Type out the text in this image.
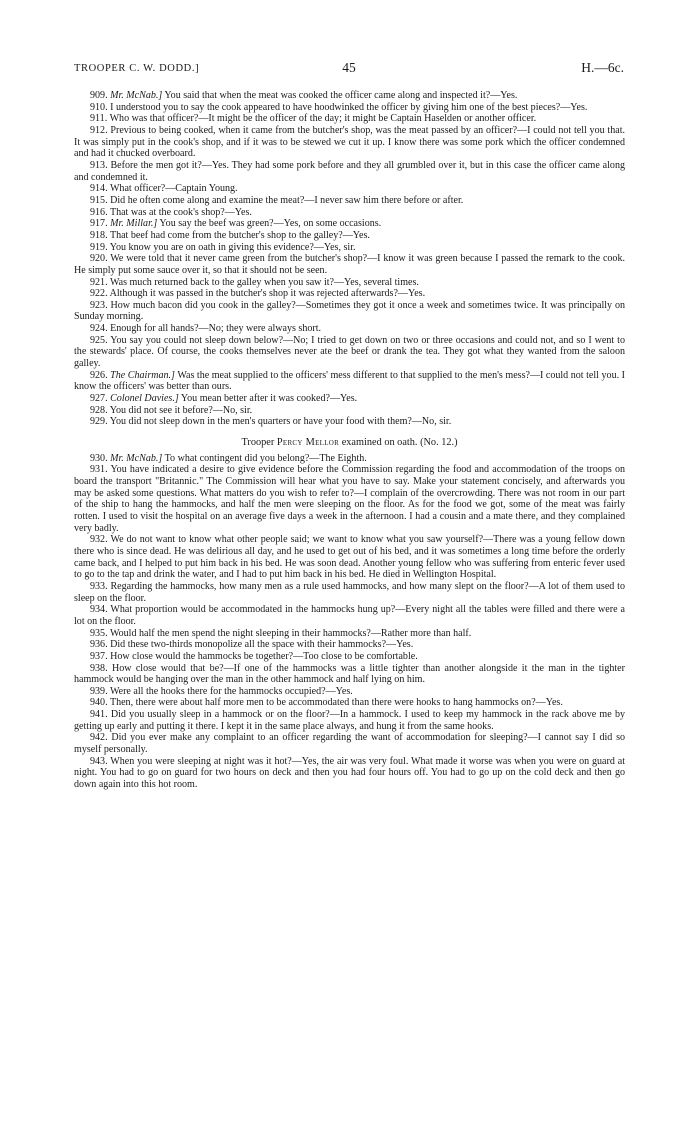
TROOPER C. W. DODD.]	45	H.—6c.

909. Mr. McNab.] You said that when the meat was cooked the officer came along and inspected it?—Yes.

910. I understood you to say the cook appeared to have hoodwinked the officer by giving him one of the best pieces?—Yes.

911. Who was that officer?—It might be the officer of the day; it might be Captain Haselden or another officer.

912. Previous to being cooked, when it came from the butcher's shop, was the meat passed by an officer?—I could not tell you that. It was simply put in the cook's shop, and if it was to be stewed we cut it up. I know there was some pork which the officer condemned and had it chucked overboard.

913. Before the men got it?—Yes. They had some pork before and they all grumbled over it, but in this case the officer came along and condemned it.

914. What officer?—Captain Young.

915. Did he often come along and examine the meat?—I never saw him there before or after.

916. That was at the cook's shop?—Yes.

917. Mr. Millar.] You say the beef was green?—Yes, on some occasions.

918. That beef had come from the butcher's shop to the galley?—Yes.

919. You know you are on oath in giving this evidence?—Yes, sir.

920. We were told that it never came green from the butcher's shop?—I know it was green because I passed the remark to the cook. He simply put some sauce over it, so that it should not be seen.

921. Was much returned back to the galley when you saw it?—Yes, several times.

922. Although it was passed in the butcher's shop it was rejected afterwards?—Yes.

923. How much bacon did you cook in the galley?—Sometimes they got it once a week and sometimes twice. It was principally on Sunday morning.

924. Enough for all hands?—No; they were always short.

925. You say you could not sleep down below?—No; I tried to get down on two or three occasions and could not, and so I went to the stewards' place. Of course, the cooks themselves never ate the beef or drank the tea. They got what they wanted from the saloon galley.

926. The Chairman.] Was the meat supplied to the officers' mess different to that supplied to the men's mess?—I could not tell you. I know the officers' was better than ours.

927. Colonel Davies.] You mean better after it was cooked?—Yes.

928. You did not see it before?—No, sir.

929. You did not sleep down in the men's quarters or have your food with them?—No, sir.

Trooper Percy Mellor examined on oath. (No. 12.)

930. Mr. McNab.] To what contingent did you belong?—The Eighth.

931. You have indicated a desire to give evidence before the Commission regarding the food and accommodation of the troops on board the transport "Britannic." The Commission will hear what you have to say. Make your statement concisely, and afterwards you may be asked some questions. What matters do you wish to refer to?—I complain of the overcrowding. There was not room in our part of the ship to hang the hammocks, and half the men were sleeping on the floor. As for the food we got, some of the meat was fairly rotten. I used to visit the hospital on an average five days a week in the afternoon. I had a cousin and a mate there, and they complained very badly.

932. We do not want to know what other people said; we want to know what you saw yourself?—There was a young fellow down there who is since dead. He was delirious all day, and he used to get out of his bed, and it was sometimes a long time before the orderly came back, and I helped to put him back in his bed. He was soon dead. Another young fellow who was suffering from enteric fever used to go to the tap and drink the water, and I had to put him back in his bed. He died in Wellington Hospital.

933. Regarding the hammocks, how many men as a rule used hammocks, and how many slept on the floor?—A lot of them used to sleep on the floor.

934. What proportion would be accommodated in the hammocks hung up?—Every night all the tables were filled and there were a lot on the floor.

935. Would half the men spend the night sleeping in their hammocks?—Rather more than half.

936. Did these two-thirds monopolize all the space with their hammocks?—Yes.

937. How close would the hammocks be together?—Too close to be comfortable.

938. How close would that be?—If one of the hammocks was a little tighter than another alongside it the man in the tighter hammock would be hanging over the man in the other hammock and half lying on him.

939. Were all the hooks there for the hammocks occupied?—Yes.

940. Then, there were about half more men to be accommodated than there were hooks to hang hammocks on?—Yes.

941. Did you usually sleep in a hammock or on the floor?—In a hammock. I used to keep my hammock in the rack above me by getting up early and putting it there. I kept it in the same place always, and hung it from the same hooks.

942. Did you ever make any complaint to an officer regarding the want of accommodation for sleeping?—I cannot say I did so myself personally.

943. When you were sleeping at night was it hot?—Yes, the air was very foul. What made it worse was when you were on guard at night. You had to go on guard for two hours on deck and then you had four hours off. You had to go up on the cold deck and then go down again into this hot room.
